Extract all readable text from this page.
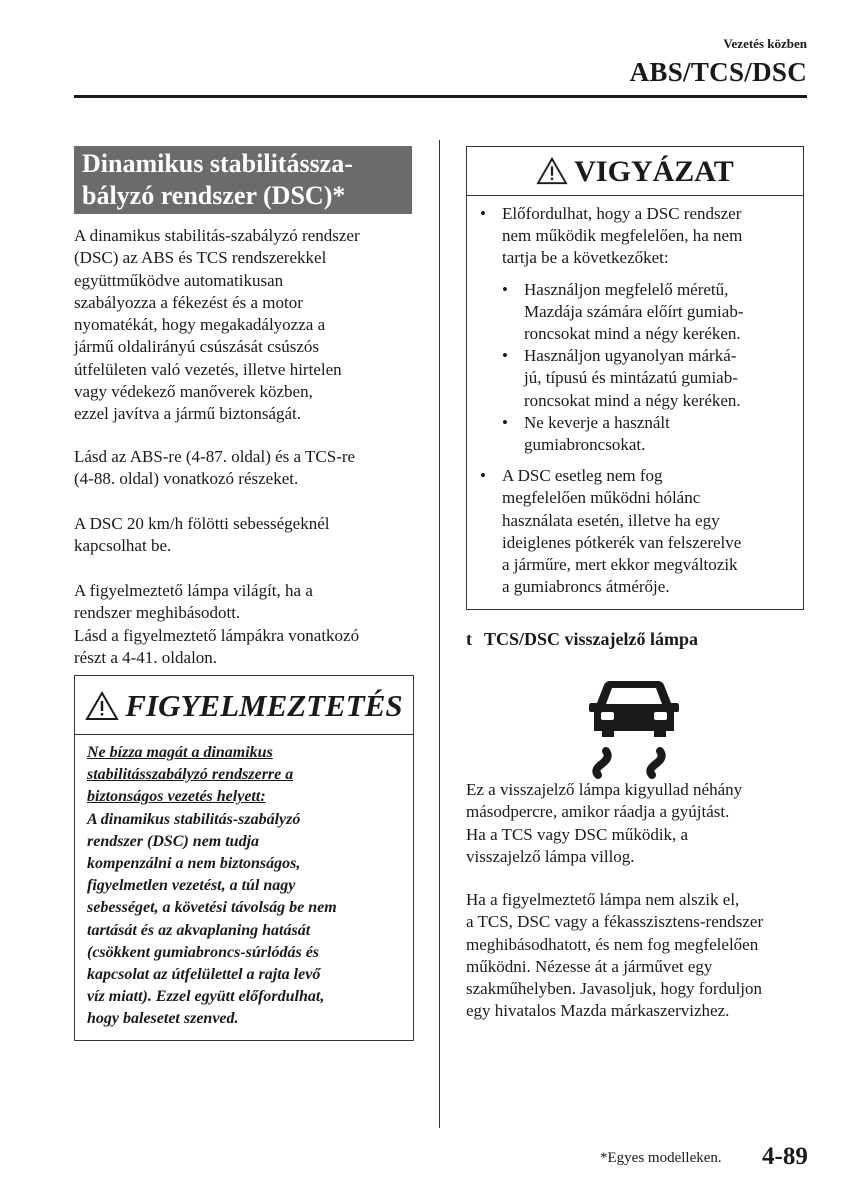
Vezetés közben
ABS/TCS/DSC
Dinamikus stabilitássza-
bályzó rendszer (DSC)*

A dinamikus stabilitás-szabályzó rendszer
(DSC) az ABS és TCS rendszerekkel
együttműködve automatikusan
szabályozza a fékezést és a motor
nyomatékát, hogy megakadályozza a
jármű oldalirányú csúszását csúszós
útfelületen való vezetés, illetve hirtelen
vagy védekező manőverek közben,
ezzel javítva a jármű biztonságát.

Lásd az ABS-re (4-87. oldal) és a TCS-re
(4-88. oldal) vonatkozó részeket.

A DSC 20 km/h fölötti sebességeknél
kapcsolhat be.

A figyelmeztető lámpa világít, ha a
rendszer meghibásodott.
Lásd a figyelmeztető lámpákra vonatkozó
részt a 4-41. oldalon.

FIGYELMEZTETÉS
Ne bízza magát a dinamikus
stabilitásszabályzó rendszerre a
biztonságos vezetés helyett:
A dinamikus stabilitás-szabályzó
rendszer (DSC) nem tudja
kompenzálni a nem biztonságos,
figyelmetlen vezetést, a túl nagy
sebességet, a követési távolság be nem
tartását és az akvaplaning hatását
(csökkent gumiabroncs-súrlódás és
kapcsolat az útfelülettel a rajta levő
víz miatt). Ezzel együtt előfordulhat,
hogy balesetet szenved.
VIGYÁZAT
• Előfordulhat, hogy a DSC rendszer
nem működik megfelelően, ha nem
tartja be a következőket:
• Használjon megfelelő méretű,
Mazdája számára előírt gumiab-
roncsokat mind a négy keréken.
• Használjon ugyanolyan márká-
jú, típusú és mintázatú gumiab-
roncsokat mind a négy keréken.
• Ne keverje a használt
gumiabroncsokat.
• A DSC esetleg nem fog
megfelelően működni hólánc
használata esetén, illetve ha egy
ideiglenes pótkerék van felszerelve
a járműre, mert ekkor megváltozik
a gumiabroncs átmérője.
t TCS/DSC visszajelző lámpa

Ez a visszajelző lámpa kigyullad néhány
másodpercre, amikor ráadja a gyújtást.
Ha a TCS vagy DSC működik, a
visszajelző lámpa villog.

Ha a figyelmeztető lámpa nem alszik el,
a TCS, DSC vagy a fékasszisztens-rendszer
meghibásodhatott, és nem fog megfelelően
működni. Nézesse át a járművet egy
szakműhelyben. Javasoljuk, hogy forduljon
egy hivatalos Mazda márkaszervizhez.

*Egyes modelleken. 4-89
